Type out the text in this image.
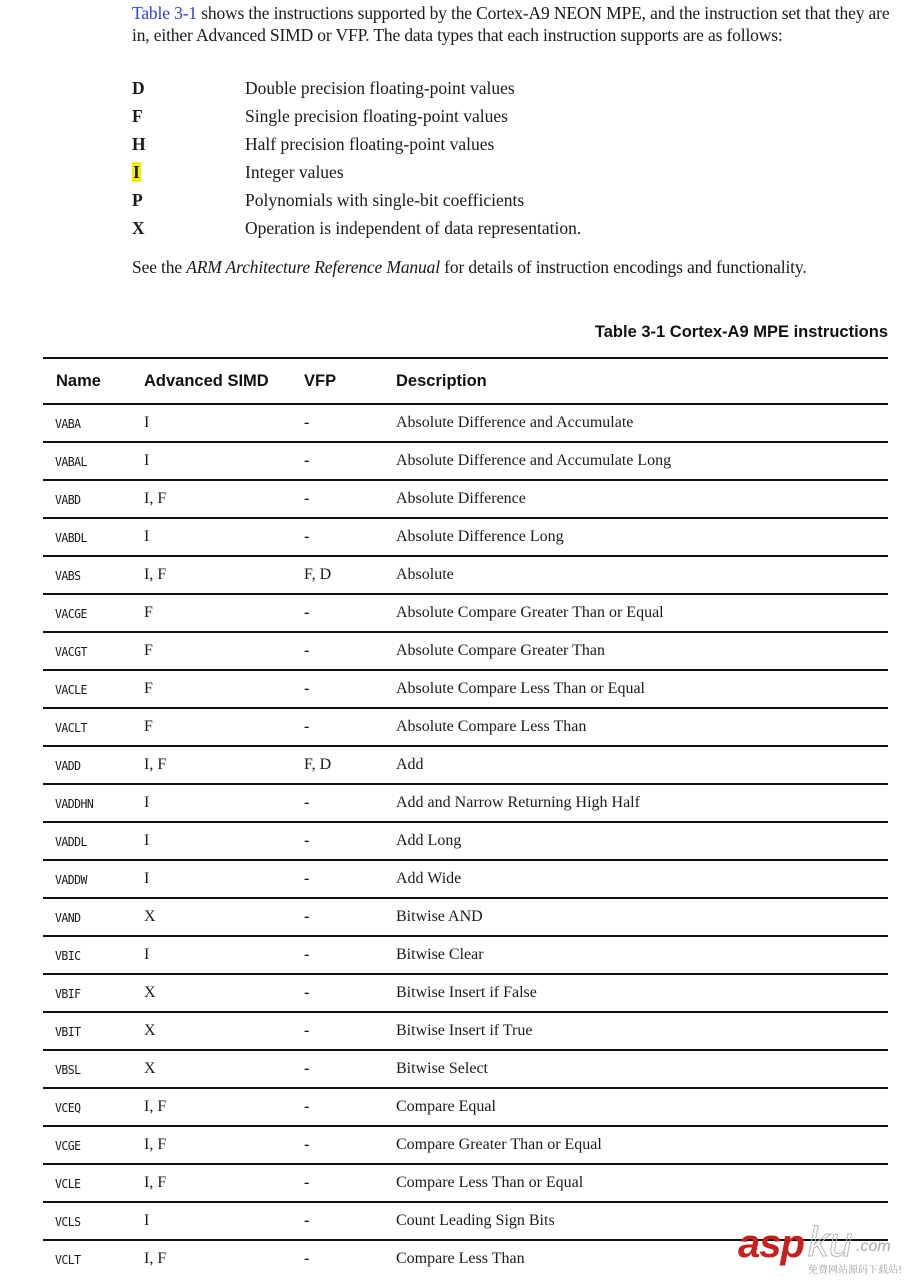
Table 3-1 shows the instructions supported by the Cortex-A9 NEON MPE, and the instruction set that they are in, either Advanced SIMD or VFP. The data types that each instruction supports are as follows:
D	Double precision floating-point values
F	Single precision floating-point values
H	Half precision floating-point values
I	Integer values
P	Polynomials with single-bit coefficients
X	Operation is independent of data representation.
See the ARM Architecture Reference Manual for details of instruction encodings and functionality.
Table 3-1 Cortex-A9 MPE instructions
Name	Advanced SIMD	VFP	Description
VABA	I	-	Absolute Difference and Accumulate
VABAL	I	-	Absolute Difference and Accumulate Long
VABD	I, F	-	Absolute Difference
VABDL	I	-	Absolute Difference Long
VABS	I, F	F, D	Absolute
VACGE	F	-	Absolute Compare Greater Than or Equal
VACGT	F	-	Absolute Compare Greater Than
VACLE	F	-	Absolute Compare Less Than or Equal
VACLT	F	-	Absolute Compare Less Than
VADD	I, F	F, D	Add
VADDHN	I	-	Add and Narrow Returning High Half
VADDL	I	-	Add Long
VADDW	I	-	Add Wide
VAND	X	-	Bitwise AND
VBIC	I	-	Bitwise Clear
VBIF	X	-	Bitwise Insert if False
VBIT	X	-	Bitwise Insert if True
VBSL	X	-	Bitwise Select
VCEQ	I, F	-	Compare Equal
VCGE	I, F	-	Compare Greater Than or Equal
VCLE	I, F	-	Compare Less Than or Equal
VCLS	I	-	Count Leading Sign Bits
VCLT	I, F	-	Compare Less Than	asp ku .com
免费网站源码下载站!
